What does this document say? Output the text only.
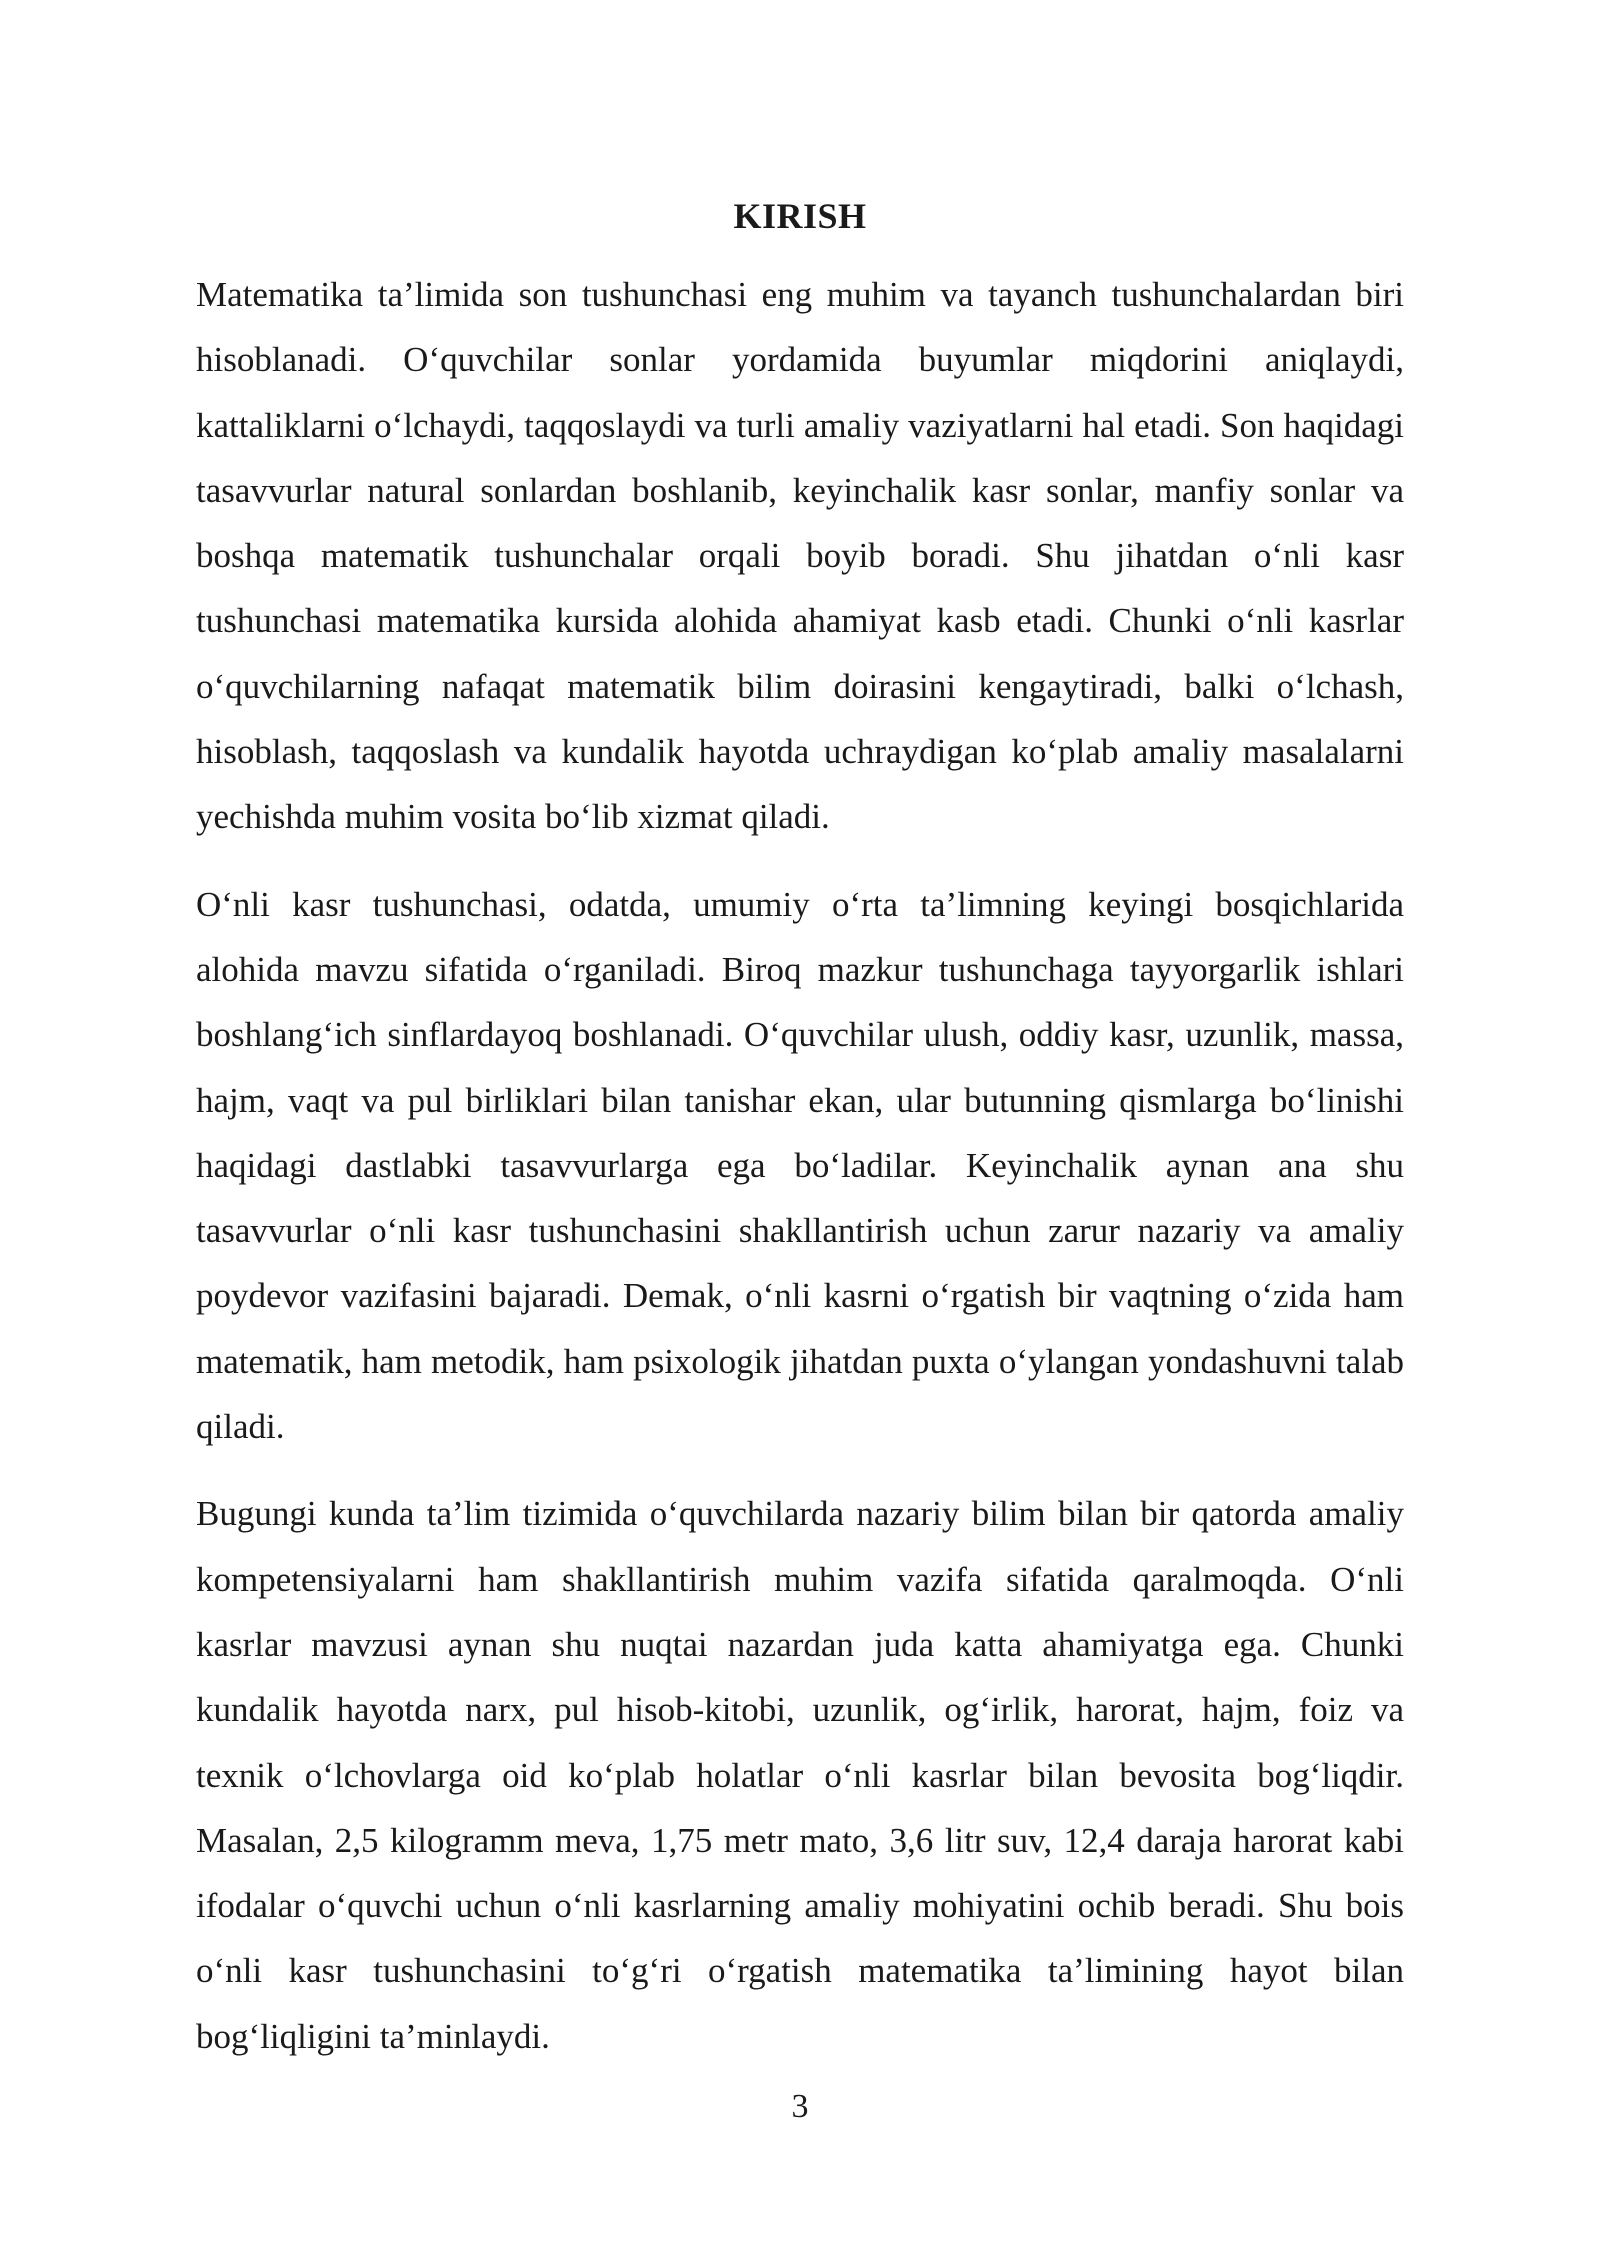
KIRISH

Matematika ta’limida son tushunchasi eng muhim va tayanch tushunchalardan biri hisoblanadi. O‘quvchilar sonlar yordamida buyumlar miqdorini aniqlaydi, kattaliklarni o‘lchaydi, taqqoslaydi va turli amaliy vaziyatlarni hal etadi. Son haqidagi tasavvurlar natural sonlardan boshlanib, keyinchalik kasr sonlar, manfiy sonlar va boshqa matematik tushunchalar orqali boyib boradi. Shu jihatdan o‘nli kasr tushunchasi matematika kursida alohida ahamiyat kasb etadi. Chunki o‘nli kasrlar o‘quvchilarning nafaqat matematik bilim doirasini kengaytiradi, balki o‘lchash, hisoblash, taqqoslash va kundalik hayotda uchraydigan ko‘plab amaliy masalalarni yechishda muhim vosita bo‘lib xizmat qiladi.

O‘nli kasr tushunchasi, odatda, umumiy o‘rta ta’limning keyingi bosqichlarida alohida mavzu sifatida o‘rganiladi. Biroq mazkur tushunchaga tayyorgarlik ishlari boshlang‘ich sinflardayoq boshlanadi. O‘quvchilar ulush, oddiy kasr, uzunlik, massa, hajm, vaqt va pul birliklari bilan tanishar ekan, ular butunning qismlarga bo‘linishi haqidagi dastlabki tasavvurlarga ega bo‘ladilar. Keyinchalik aynan ana shu tasavvurlar o‘nli kasr tushunchasini shakllantirish uchun zarur nazariy va amaliy poydevor vazifasini bajaradi. Demak, o‘nli kasrni o‘rgatish bir vaqtning o‘zida ham matematik, ham metodik, ham psixologik jihatdan puxta o‘ylangan yondashuvni talab qiladi.

Bugungi kunda ta’lim tizimida o‘quvchilarda nazariy bilim bilan bir qatorda amaliy kompetensiyalarni ham shakllantirish muhim vazifa sifatida qaralmoqda. O‘nli kasrlar mavzusi aynan shu nuqtai nazardan juda katta ahamiyatga ega. Chunki kundalik hayotda narx, pul hisob-kitobi, uzunlik, og‘irlik, harorat, hajm, foiz va texnik o‘lchovlarga oid ko‘plab holatlar o‘nli kasrlar bilan bevosita bog‘liqdir. Masalan, 2,5 kilogramm meva, 1,75 metr mato, 3,6 litr suv, 12,4 daraja harorat kabi ifodalar o‘quvchi uchun o‘nli kasrlarning amaliy mohiyatini ochib beradi. Shu bois o‘nli kasr tushunchasini to‘g‘ri o‘rgatish matematika ta’limining hayot bilan bog‘liqligini ta’minlaydi.

3
